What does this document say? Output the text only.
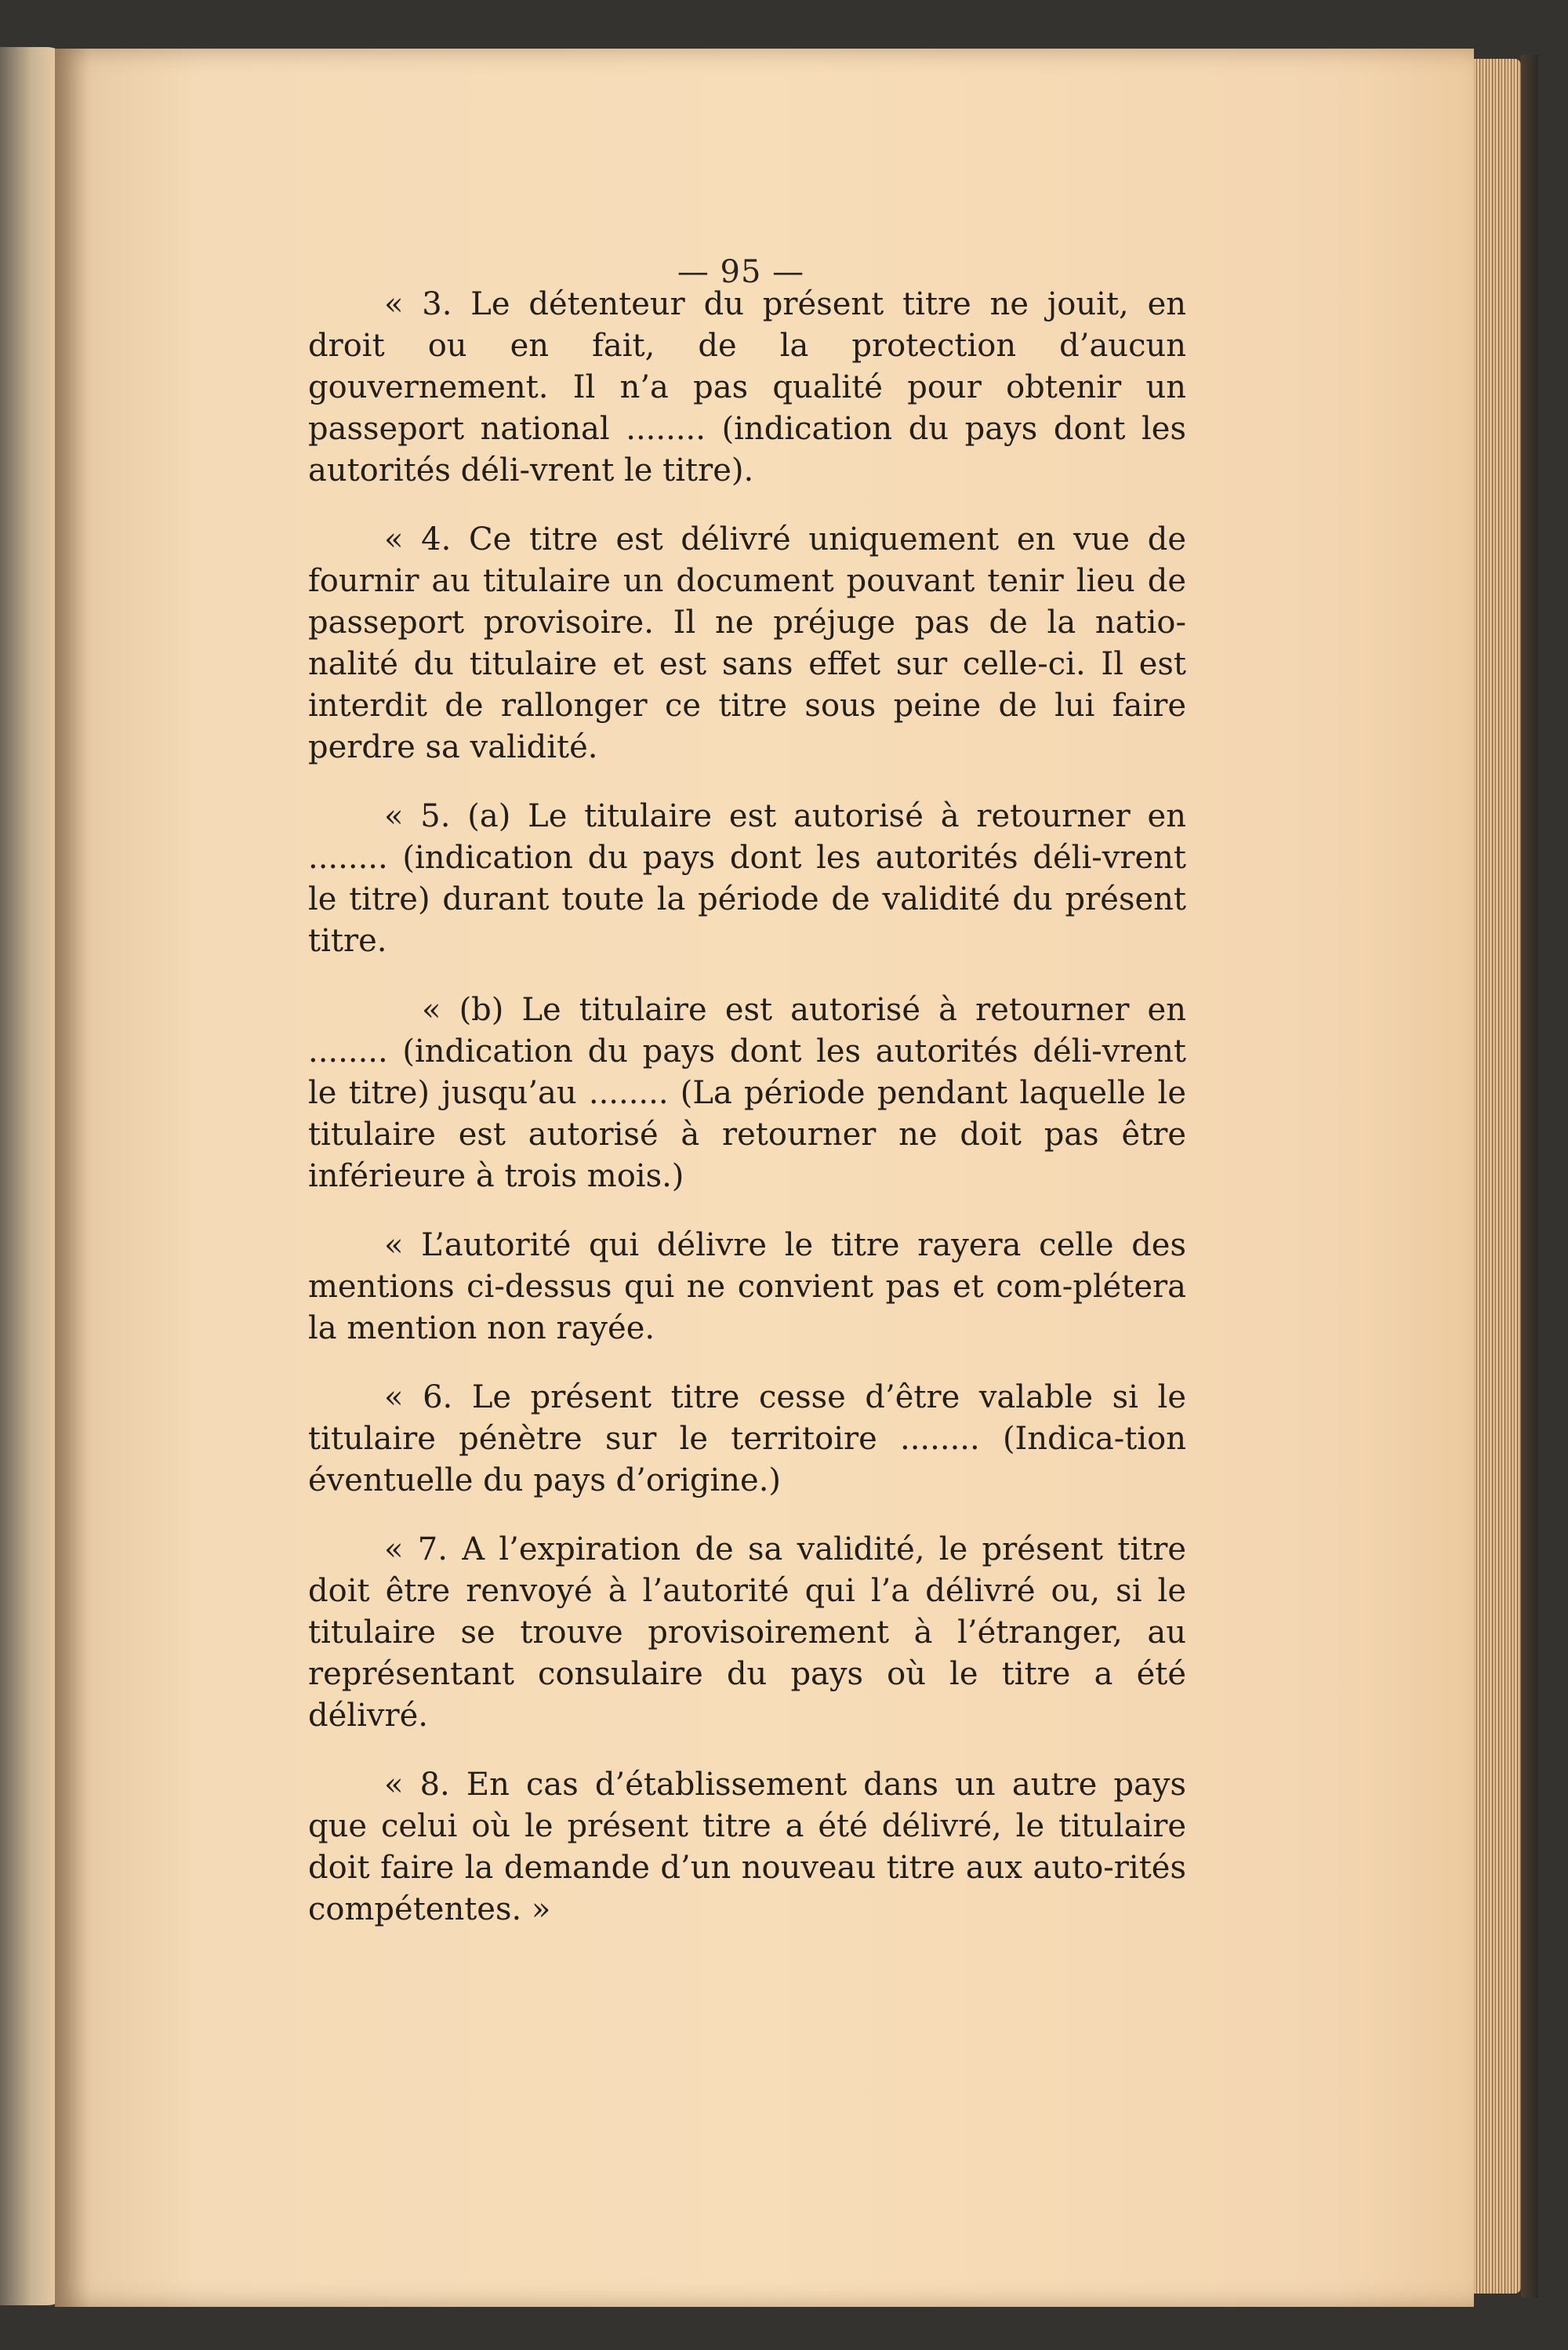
— 95 —

« 3. Le détenteur du présent titre ne jouit, en droit ou en fait, de la protection d’aucun gouvernement. Il n’a pas qualité pour obtenir un passeport national ........ (indication du pays dont les autorités déli-vrent le titre).

« 4. Ce titre est délivré uniquement en vue de fournir au titulaire un document pouvant tenir lieu de passeport provisoire. Il ne préjuge pas de la natio-nalité du titulaire et est sans effet sur celle-ci. Il est interdit de rallonger ce titre sous peine de lui faire perdre sa validité.

« 5. (a) Le titulaire est autorisé à retourner en ........ (indication du pays dont les autorités déli-vrent le titre) durant toute la période de validité du présent titre.

« (b) Le titulaire est autorisé à retourner en ........ (indication du pays dont les autorités déli-vrent le titre) jusqu’au ........ (La période pendant laquelle le titulaire est autorisé à retourner ne doit pas être inférieure à trois mois.)

« L’autorité qui délivre le titre rayera celle des mentions ci-dessus qui ne convient pas et com-plétera la mention non rayée.

« 6. Le présent titre cesse d’être valable si le titulaire pénètre sur le territoire ........ (Indica-tion éventuelle du pays d’origine.)

« 7. A l’expiration de sa validité, le présent titre doit être renvoyé à l’autorité qui l’a délivré ou, si le titulaire se trouve provisoirement à l’étranger, au représentant consulaire du pays où le titre a été délivré.

« 8. En cas d’établissement dans un autre pays que celui où le présent titre a été délivré, le titulaire doit faire la demande d’un nouveau titre aux auto-rités compétentes. »
